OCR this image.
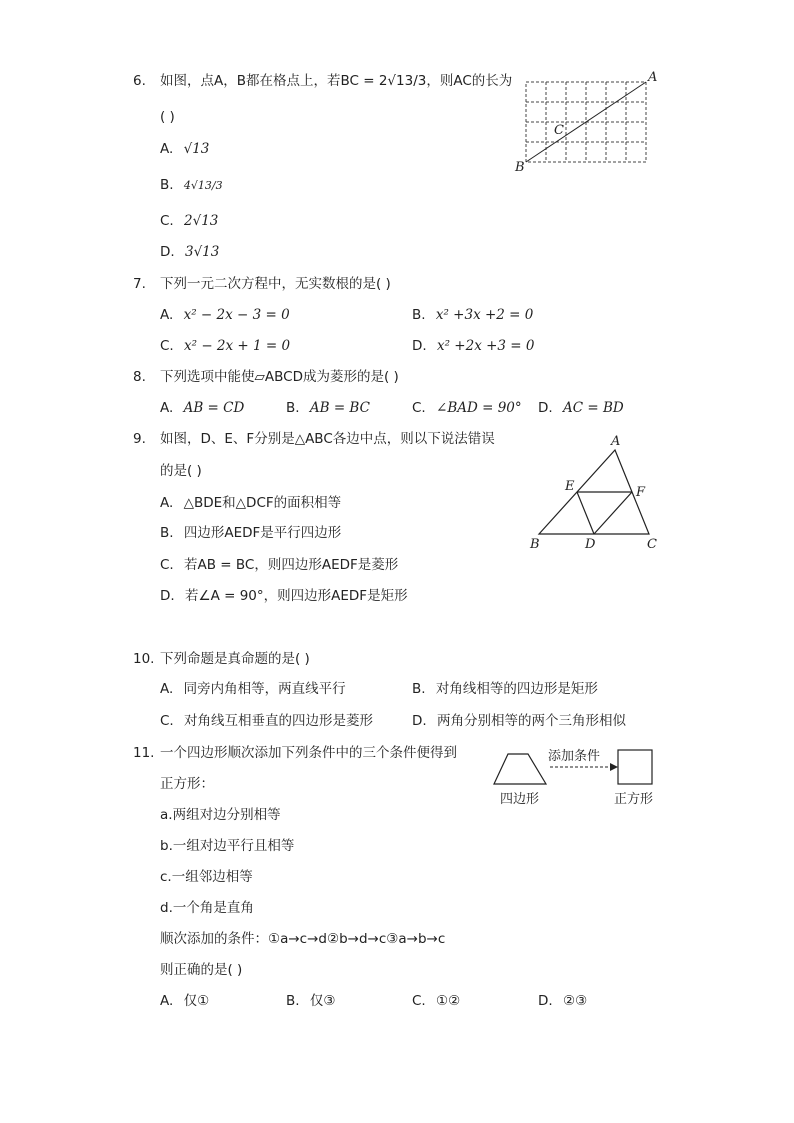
6. 如图，点A，B都在格点上，若BC = 2√13/3，则AC的长为
( )
A. √13
B. 4√13/3
C. 2√13
D. 3√13
A
B
C
7. 下列一元二次方程中，无实数根的是( )
A. x² − 2x − 3 = 0	B. x² +3x +2 = 0
C. x² − 2x + 1 = 0	D. x² +2x +3 = 0
8. 下列选项中能使▱ABCD成为菱形的是( )
A. AB = CD	B. AB = BC	C. ∠BAD = 90° D. AC = BD
9. 如图，D、E、F分别是△ABC各边中点，则以下说法错误
的是( )
A. △BDE和△DCF的面积相等
B. 四边形AEDF是平行四边形
C. 若AB = BC，则四边形AEDF是菱形
D. 若∠A = 90°，则四边形AEDF是矩形
A
B	C
D
E	F
10. 下列命题是真命题的是( )
A. 同旁内角相等，两直线平行	B. 对角线相等的四边形是矩形
C. 对角线互相垂直的四边形是菱形	D. 两角分别相等的两个三角形相似
11. 一个四边形顺次添加下列条件中的三个条件便得到
正方形：
a.两组对边分别相等
b.一组对边平行且相等
c.一组邻边相等
d.一个角是直角
顺次添加的条件：①a→c→d②b→d→c③a→b→c
则正确的是( )
A. 仅①	B. 仅③	C. ①②	D. ②③
添加条件
四边形	正方形
